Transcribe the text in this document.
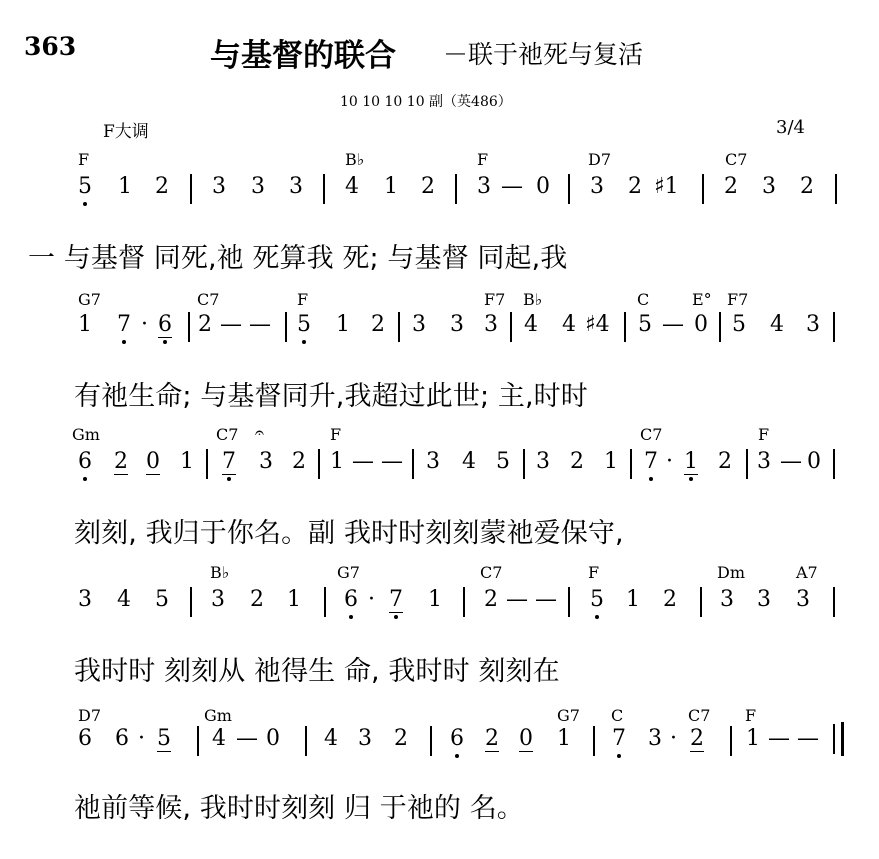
363	与基督的联合 －联于祂死与复活
10 10 10 10 副（英486）
F大调	3/4
F	B♭	F	D7	C7
5 1 2 3 3 3 4 1 2 3 — 0 3 2 ♯1 2 3 2
一 与基督 同死,祂 死算我 死; 与基督 同起,我
G7	C7	F	F7 B♭	C	E° F7
1 7 · 6 2 — — 5 1 2 3 3 3 4 4 ♯4 5 — 0 5 4 3
有祂生命; 与基督同升,我超过此世; 主,时时
Gm	C7 𝄐	F	C7	F
6 2 0 1 7 3 2 1 — — 3 4 5 3 2 1 7 · 1 2 3 — 0
刻刻, 我归于你名。副 我时时刻刻蒙祂爱保守,
B♭	G7	C7	F	Dm	A7
3 4 5 3 2 1 6 · 7 1 2 — — 5 1 2 3 3 3
我时时 刻刻从 祂得生 命, 我时时 刻刻在
D7	Gm	G7 C	C7 F
6 6 · 5 4 — 0 4 3 2 6 2 0 1 7 3 · 2 1 — —
祂前等候, 我时时刻刻 归 于祂的 名。
